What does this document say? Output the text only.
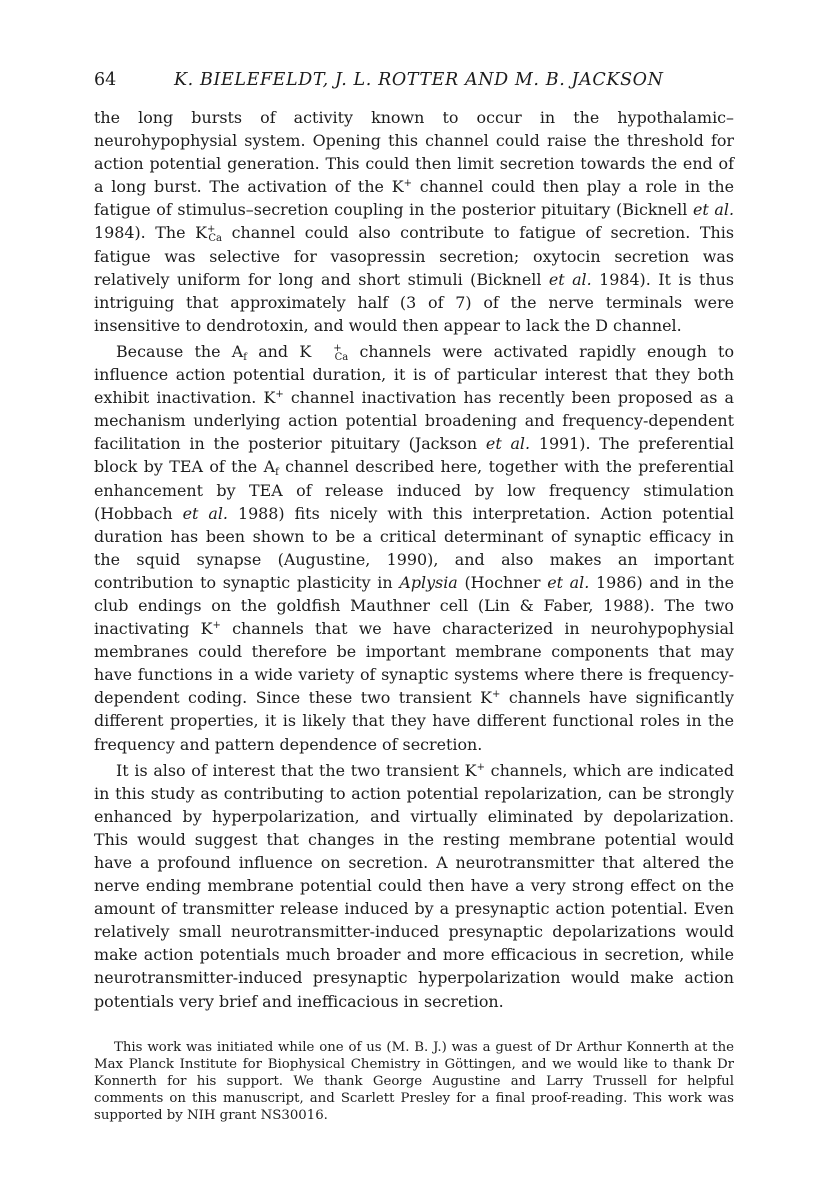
64	K. BIELEFELDT, J. L. ROTTER AND M. B. JACKSON

the long bursts of activity known to occur in the hypothalamic–neurohypophysial system. Opening this channel could raise the threshold for action potential generation. This could then limit secretion towards the end of a long burst. The activation of the K+ channel could then play a role in the fatigue of stimulus–secretion coupling in the posterior pituitary (Bicknell et al. 1984). The $K^+_{Ca}$ channel could also contribute to fatigue of secretion. This fatigue was selective for vasopressin secretion; oxytocin secretion was relatively uniform for long and short stimuli (Bicknell et al. 1984). It is thus intriguing that approximately half (3 of 7) of the nerve terminals were insensitive to dendrotoxin, and would then appear to lack the D channel.

Because the $A_f$ and K +$_{Ca}$ channels were activated rapidly enough to influence action potential duration, it is of particular interest that they both exhibit inactivation. K+ channel inactivation has recently been proposed as a mechanism underlying action potential broadening and frequency-dependent facilitation in the posterior pituitary (Jackson et al. 1991). The preferential block by TEA of the $A_f$ channel described here, together with the preferential enhancement by TEA of release induced by low frequency stimulation (Hobbach et al. 1988) fits nicely with this interpretation. Action potential duration has been shown to be a critical determinant of synaptic efficacy in the squid synapse (Augustine, 1990), and also makes an important contribution to synaptic plasticity in Aplysia (Hochner et al. 1986) and in the club endings on the goldfish Mauthner cell (Lin & Faber, 1988). The two inactivating K+ channels that we have characterized in neurohypophysial membranes could therefore be important membrane components that may have functions in a wide variety of synaptic systems where there is frequency-dependent coding. Since these two transient K+ channels have significantly different properties, it is likely that they have different functional roles in the frequency and pattern dependence of secretion.

It is also of interest that the two transient K+ channels, which are indicated in this study as contributing to action potential repolarization, can be strongly enhanced by hyperpolarization, and virtually eliminated by depolarization. This would suggest that changes in the resting membrane potential would have a profound influence on secretion. A neurotransmitter that altered the nerve ending membrane potential could then have a very strong effect on the amount of transmitter release induced by a presynaptic action potential. Even relatively small neurotransmitter-induced presynaptic depolarizations would make action potentials much broader and more efficacious in secretion, while neurotransmitter-induced presynaptic hyperpolarization would make action potentials very brief and inefficacious in secretion.

This work was initiated while one of us (M. B. J.) was a guest of Dr Arthur Konnerth at the Max Planck Institute for Biophysical Chemistry in Göttingen, and we would like to thank Dr Konnerth for his support. We thank George Augustine and Larry Trussell for helpful comments on this manuscript, and Scarlett Presley for a final proof-reading. This work was supported by NIH grant NS30016.
